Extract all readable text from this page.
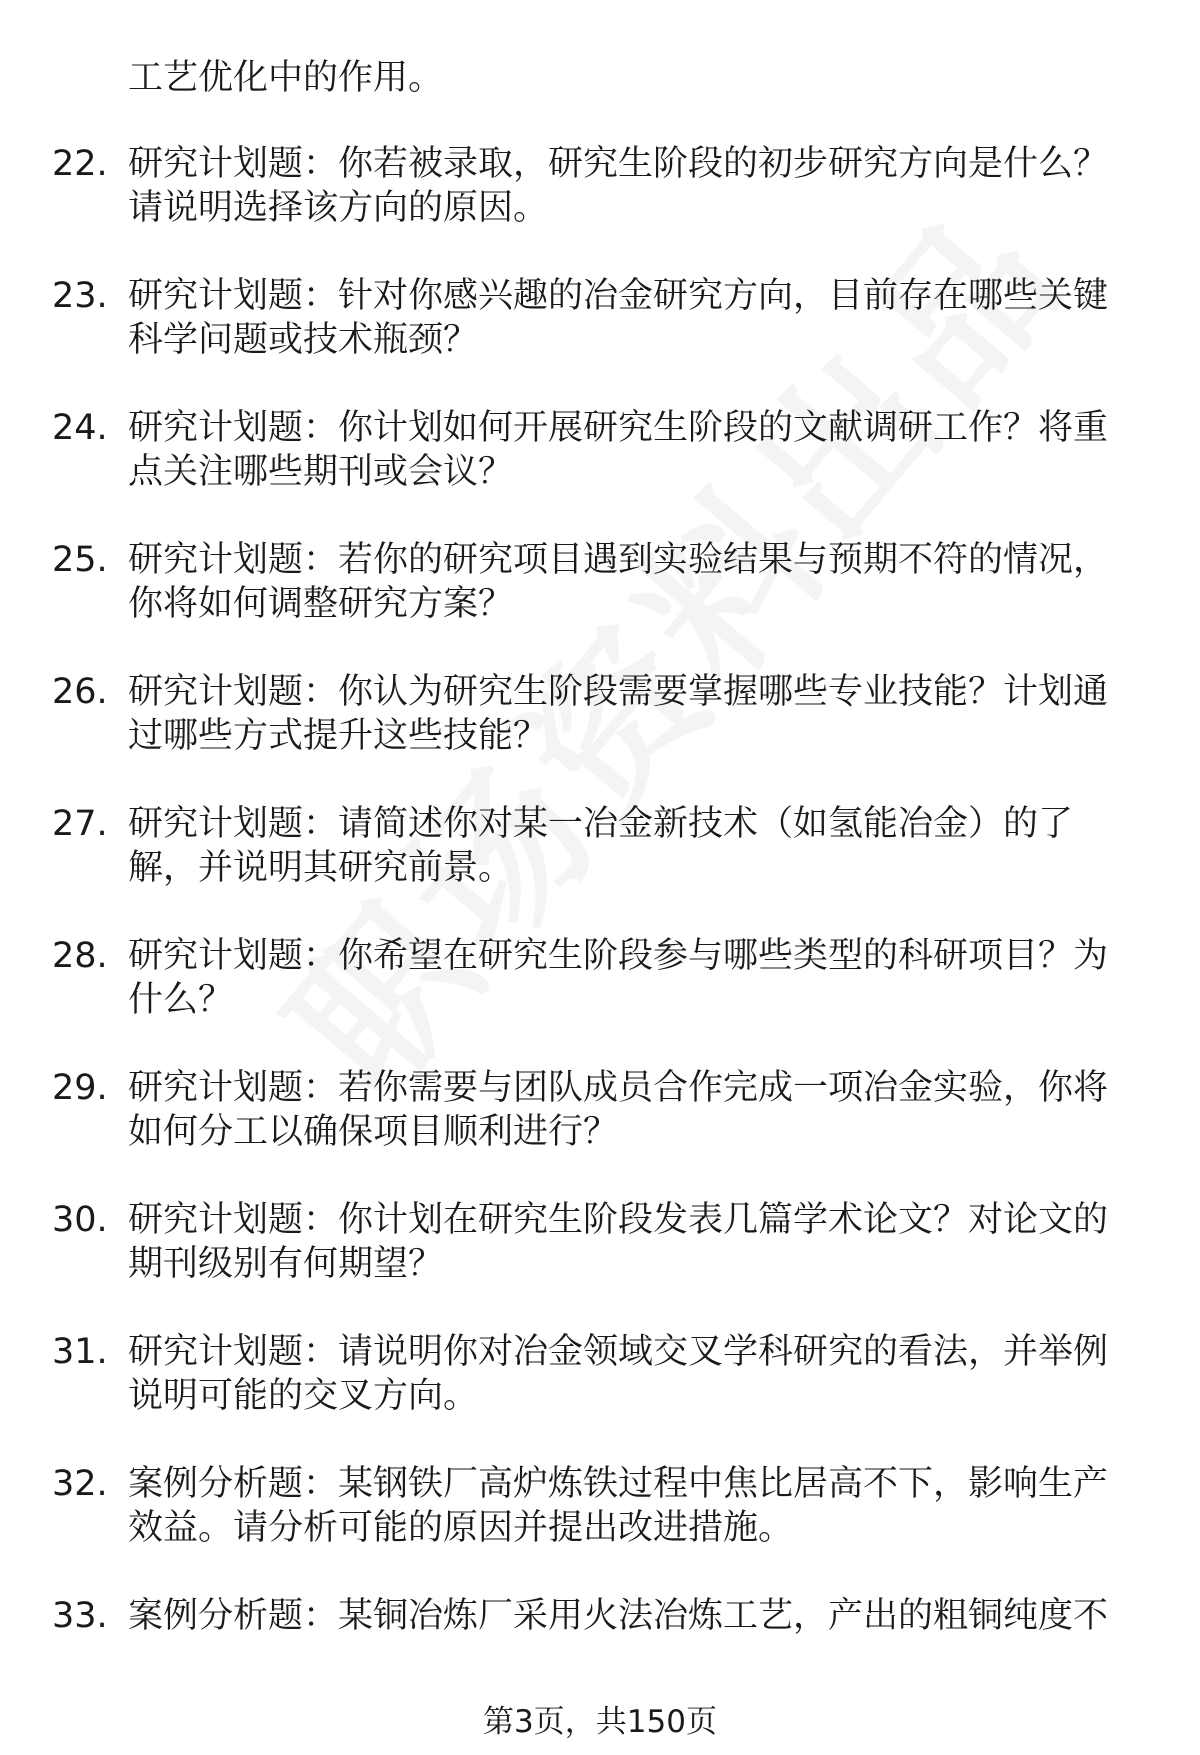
工艺优化中的作用。
22. 研究计划题：你若被录取，研究生阶段的初步研究方向是什么？请说明选择该方向的原因。
23. 研究计划题：针对你感兴趣的冶金研究方向，目前存在哪些关键科学问题或技术瓶颈？
24. 研究计划题：你计划如何开展研究生阶段的文献调研工作？将重点关注哪些期刊或会议？
25. 研究计划题：若你的研究项目遇到实验结果与预期不符的情况，你将如何调整研究方案？
26. 研究计划题：你认为研究生阶段需要掌握哪些专业技能？计划通过哪些方式提升这些技能？
27. 研究计划题：请简述你对某一冶金新技术（如氢能冶金）的了解，并说明其研究前景。
28. 研究计划题：你希望在研究生阶段参与哪些类型的科研项目？为什么？
29. 研究计划题：若你需要与团队成员合作完成一项冶金实验，你将如何分工以确保项目顺利进行？
30. 研究计划题：你计划在研究生阶段发表几篇学术论文？对论文的期刊级别有何期望？
31. 研究计划题：请说明你对冶金领域交叉学科研究的看法，并举例说明可能的交叉方向。
32. 案例分析题：某钢铁厂高炉炼铁过程中焦比居高不下，影响生产效益。请分析可能的原因并提出改进措施。
33. 案例分析题：某铜冶炼厂采用火法冶炼工艺，产出的粗铜纯度不
第3页，共150页
